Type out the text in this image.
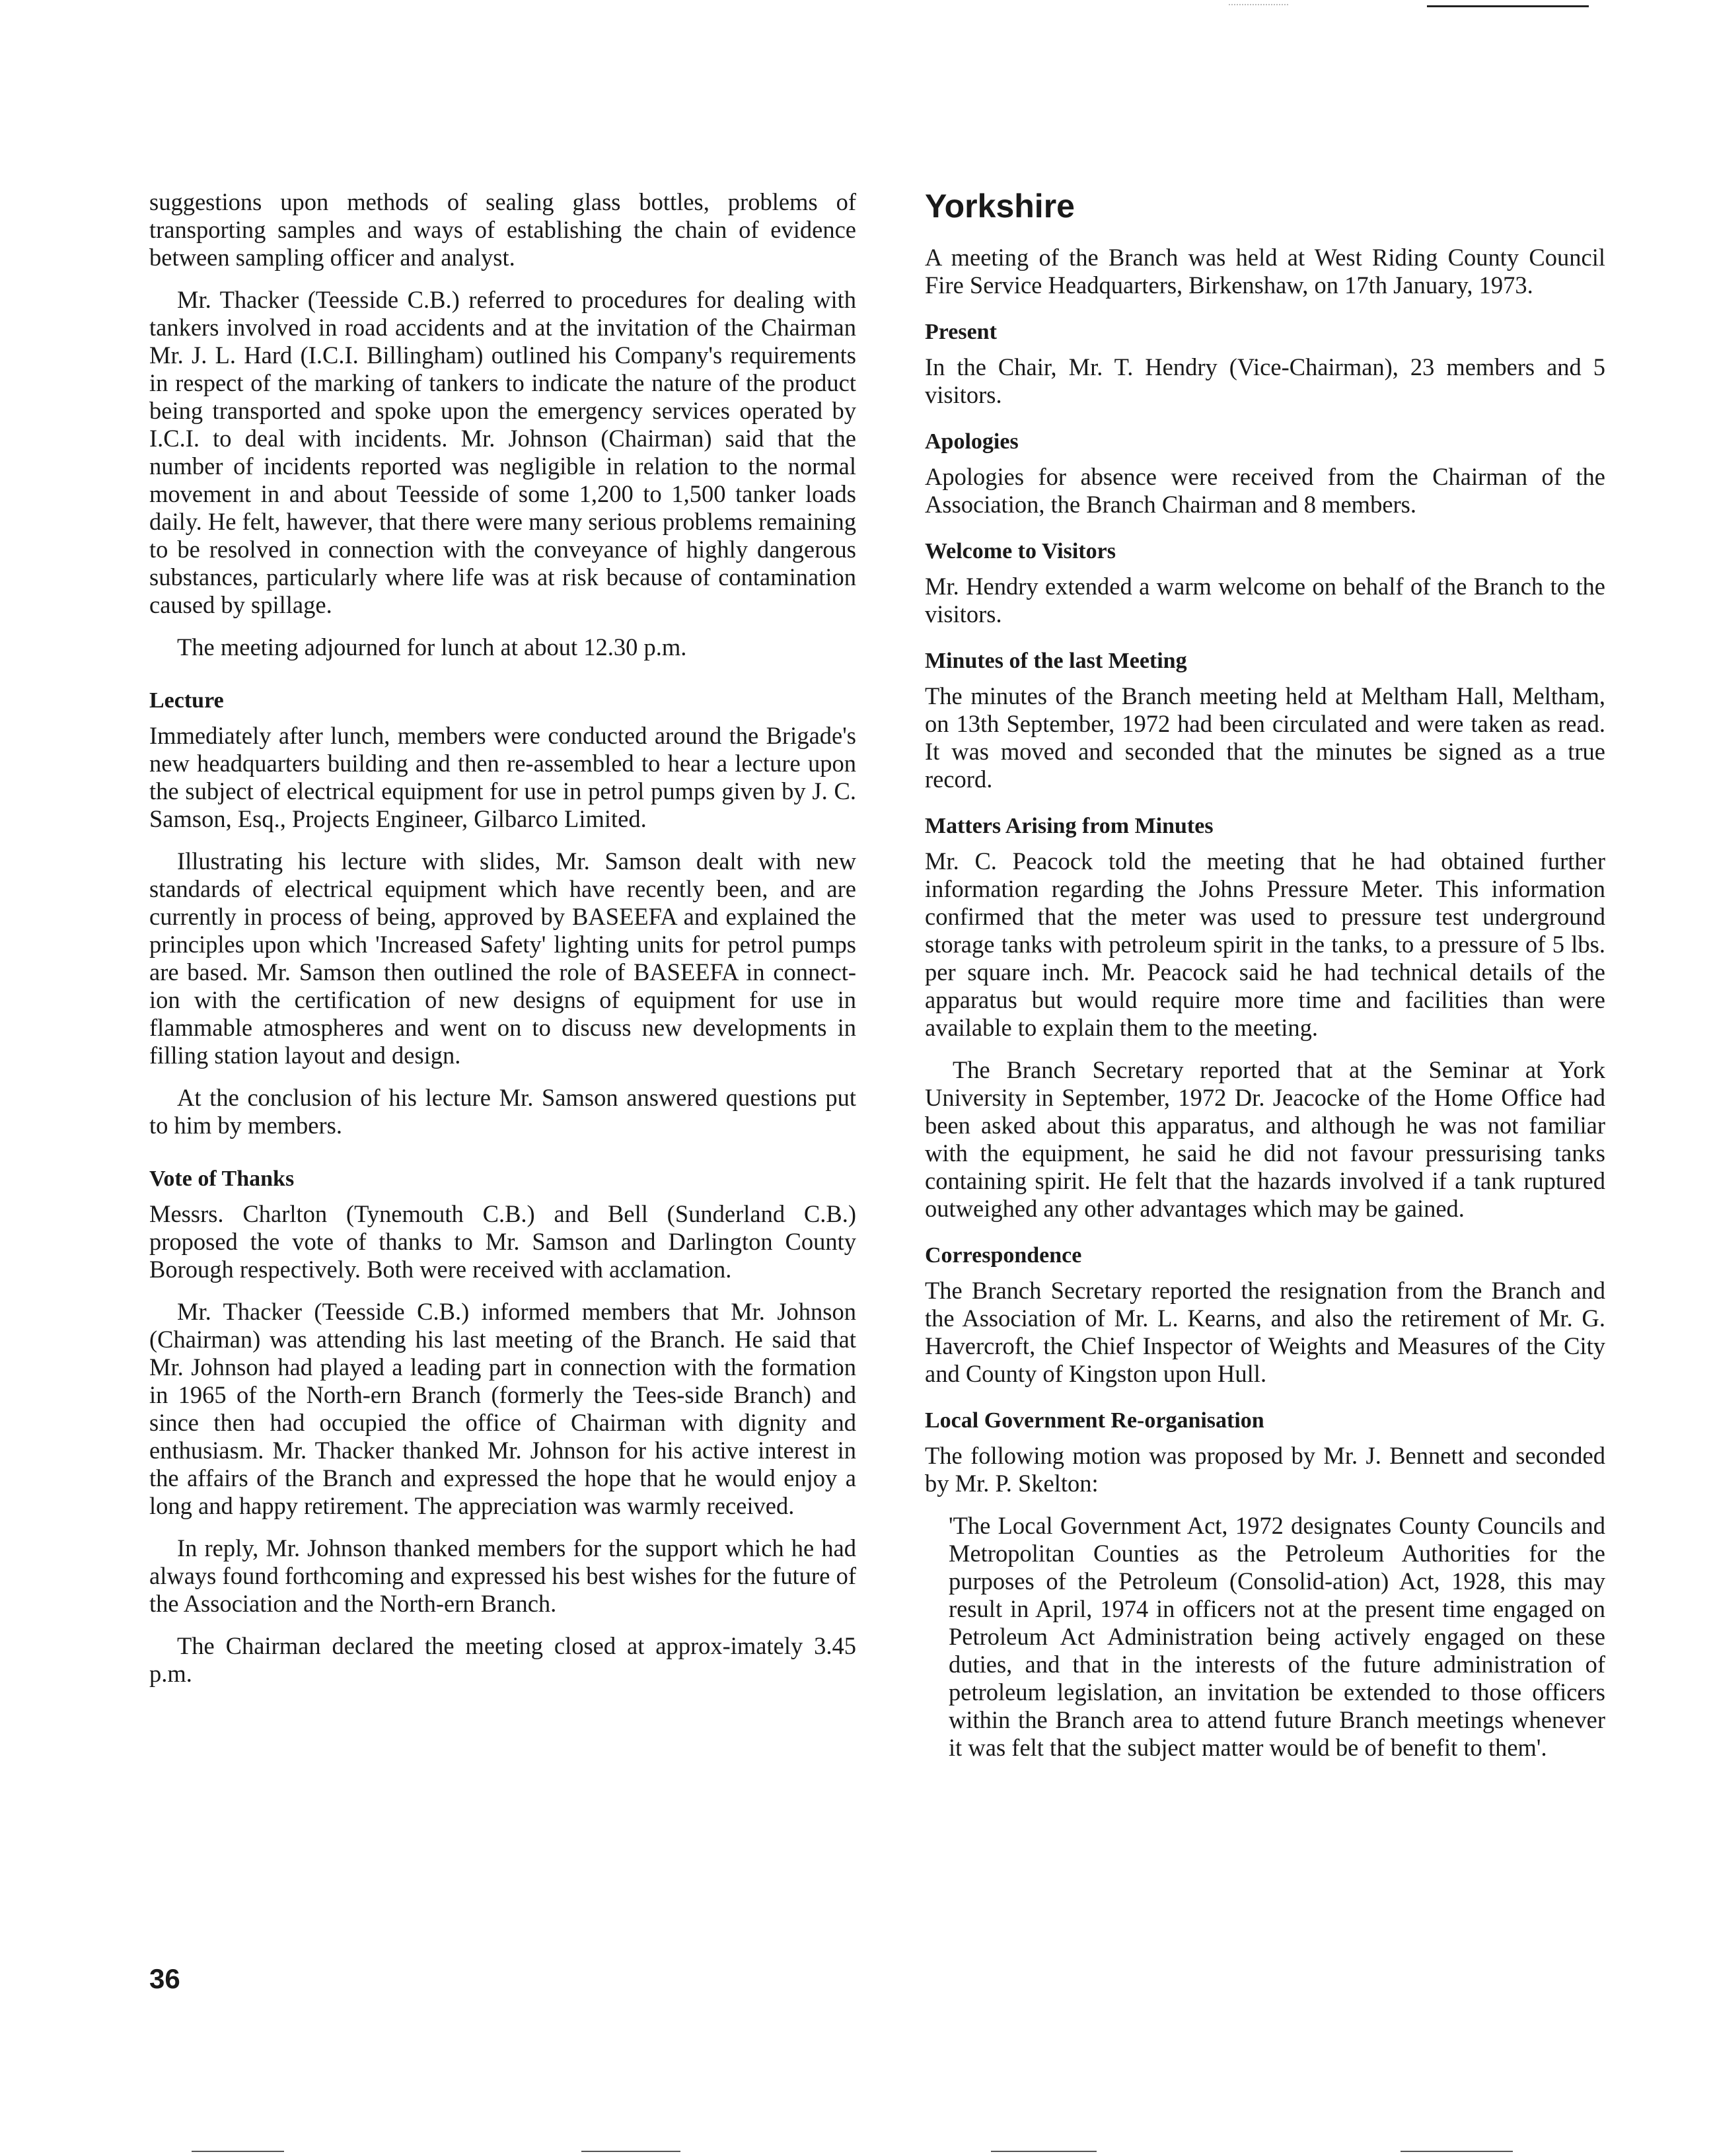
suggestions upon methods of sealing glass bottles, problems of transporting samples and ways of establishing the chain of evidence between sampling officer and analyst.

Mr. Thacker (Teesside C.B.) referred to procedures for dealing with tankers involved in road accidents and at the invitation of the Chairman Mr. J. L. Hard (I.C.I. Billingham) outlined his Company's requirements in respect of the marking of tankers to indicate the nature of the product being transported and spoke upon the emergency services operated by I.C.I. to deal with incidents. Mr. Johnson (Chairman) said that the number of incidents reported was negligible in relation to the normal movement in and about Teesside of some 1,200 to 1,500 tanker loads daily. He felt, hawever, that there were many serious problems remaining to be resolved in connection with the conveyance of highly dangerous substances, particularly where life was at risk because of contamination caused by spillage.

The meeting adjourned for lunch at about 12.30 p.m.

Lecture

Immediately after lunch, members were conducted around the Brigade's new headquarters building and then re-assembled to hear a lecture upon the subject of electrical equipment for use in petrol pumps given by J. C. Samson, Esq., Projects Engineer, Gilbarco Limited.

Illustrating his lecture with slides, Mr. Samson dealt with new standards of electrical equipment which have recently been, and are currently in process of being, approved by BASEEFA and explained the principles upon which 'Increased Safety' lighting units for petrol pumps are based. Mr. Samson then outlined the role of BASEEFA in connect-ion with the certification of new designs of equipment for use in flammable atmospheres and went on to discuss new developments in filling station layout and design.

At the conclusion of his lecture Mr. Samson answered questions put to him by members.

Vote of Thanks

Messrs. Charlton (Tynemouth C.B.) and Bell (Sunderland C.B.) proposed the vote of thanks to Mr. Samson and Darlington County Borough respectively. Both were received with acclamation.

Mr. Thacker (Teesside C.B.) informed members that Mr. Johnson (Chairman) was attending his last meeting of the Branch. He said that Mr. Johnson had played a leading part in connection with the formation in 1965 of the North-ern Branch (formerly the Tees-side Branch) and since then had occupied the office of Chairman with dignity and enthusiasm. Mr. Thacker thanked Mr. Johnson for his active interest in the affairs of the Branch and expressed the hope that he would enjoy a long and happy retirement. The appreciation was warmly received.

In reply, Mr. Johnson thanked members for the support which he had always found forthcoming and expressed his best wishes for the future of the Association and the North-ern Branch.

The Chairman declared the meeting closed at approx-imately 3.45 p.m.

Yorkshire

A meeting of the Branch was held at West Riding County Council Fire Service Headquarters, Birkenshaw, on 17th January, 1973.

Present

In the Chair, Mr. T. Hendry (Vice-Chairman), 23 members and 5 visitors.

Apologies

Apologies for absence were received from the Chairman of the Association, the Branch Chairman and 8 members.

Welcome to Visitors

Mr. Hendry extended a warm welcome on behalf of the Branch to the visitors.

Minutes of the last Meeting

The minutes of the Branch meeting held at Meltham Hall, Meltham, on 13th September, 1972 had been circulated and were taken as read. It was moved and seconded that the minutes be signed as a true record.

Matters Arising from Minutes

Mr. C. Peacock told the meeting that he had obtained further information regarding the Johns Pressure Meter. This information confirmed that the meter was used to pressure test underground storage tanks with petroleum spirit in the tanks, to a pressure of 5 lbs. per square inch. Mr. Peacock said he had technical details of the apparatus but would require more time and facilities than were available to explain them to the meeting.

The Branch Secretary reported that at the Seminar at York University in September, 1972 Dr. Jeacocke of the Home Office had been asked about this apparatus, and although he was not familiar with the equipment, he said he did not favour pressurising tanks containing spirit. He felt that the hazards involved if a tank ruptured outweighed any other advantages which may be gained.

Correspondence

The Branch Secretary reported the resignation from the Branch and the Association of Mr. L. Kearns, and also the retirement of Mr. G. Havercroft, the Chief Inspector of Weights and Measures of the City and County of Kingston upon Hull.

Local Government Re-organisation

The following motion was proposed by Mr. J. Bennett and seconded by Mr. P. Skelton:

'The Local Government Act, 1972 designates County Councils and Metropolitan Counties as the Petroleum Authorities for the purposes of the Petroleum (Consolid-ation) Act, 1928, this may result in April, 1974 in officers not at the present time engaged on Petroleum Act Administration being actively engaged on these duties, and that in the interests of the future administration of petroleum legislation, an invitation be extended to those officers within the Branch area to attend future Branch meetings whenever it was felt that the subject matter would be of benefit to them'.

36
